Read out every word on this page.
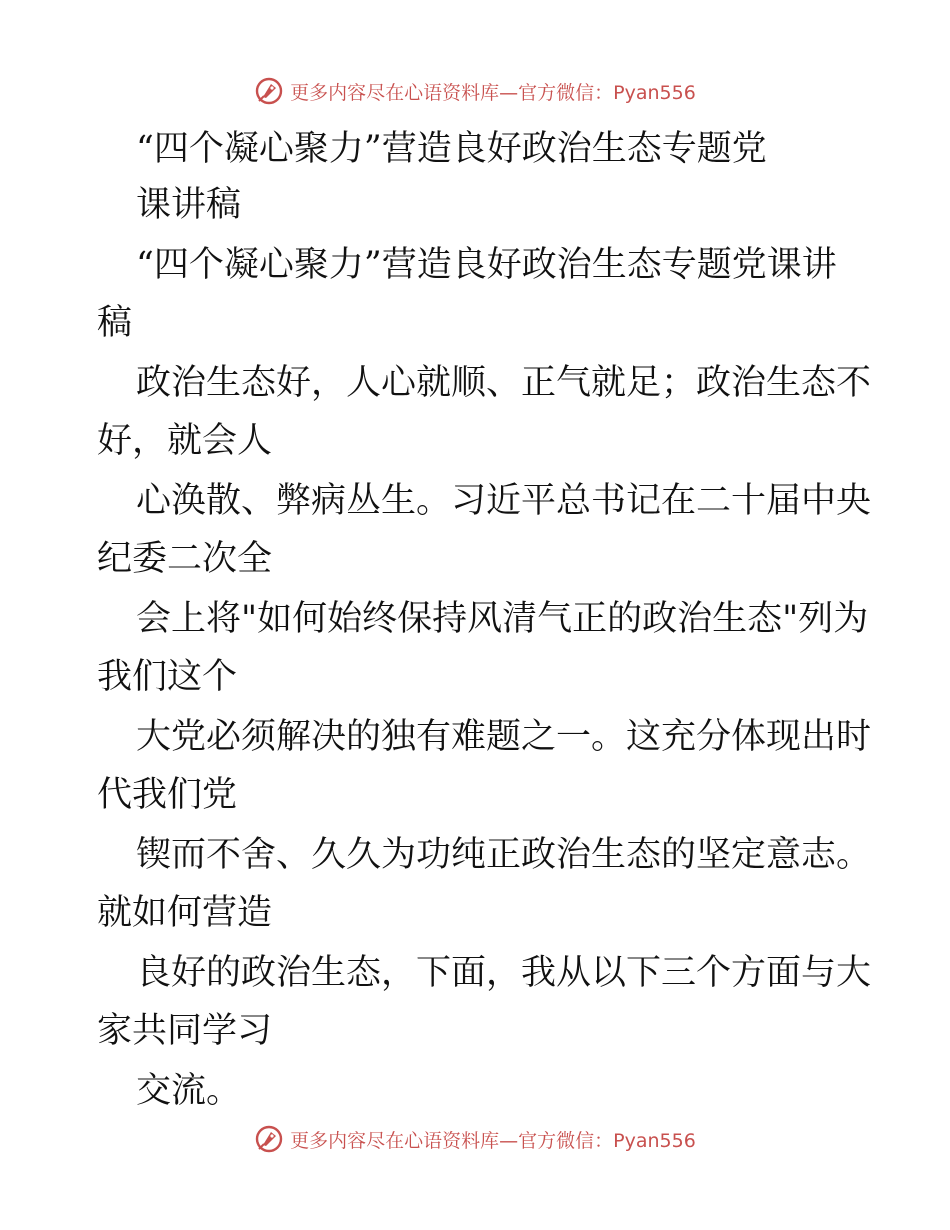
更多内容尽在心语资料库—官方微信：Pyan556
“四个凝心聚力”营造良好政治生态专题党
课讲稿
“四个凝心聚力”营造良好政治生态专题党课讲
稿
政治生态好，人心就顺、正气就足；政治生态不
好，就会人
心涣散、弊病丛生。习近平总书记在二十届中央
纪委二次全
会上将"如何始终保持风清气正的政治生态"列为
我们这个
大党必须解决的独有难题之一。这充分体现出时
代我们党
锲而不舍、久久为功纯正政治生态的坚定意志。
就如何营造
良好的政治生态，下面，我从以下三个方面与大
家共同学习
交流。
更多内容尽在心语资料库—官方微信：Pyan556
